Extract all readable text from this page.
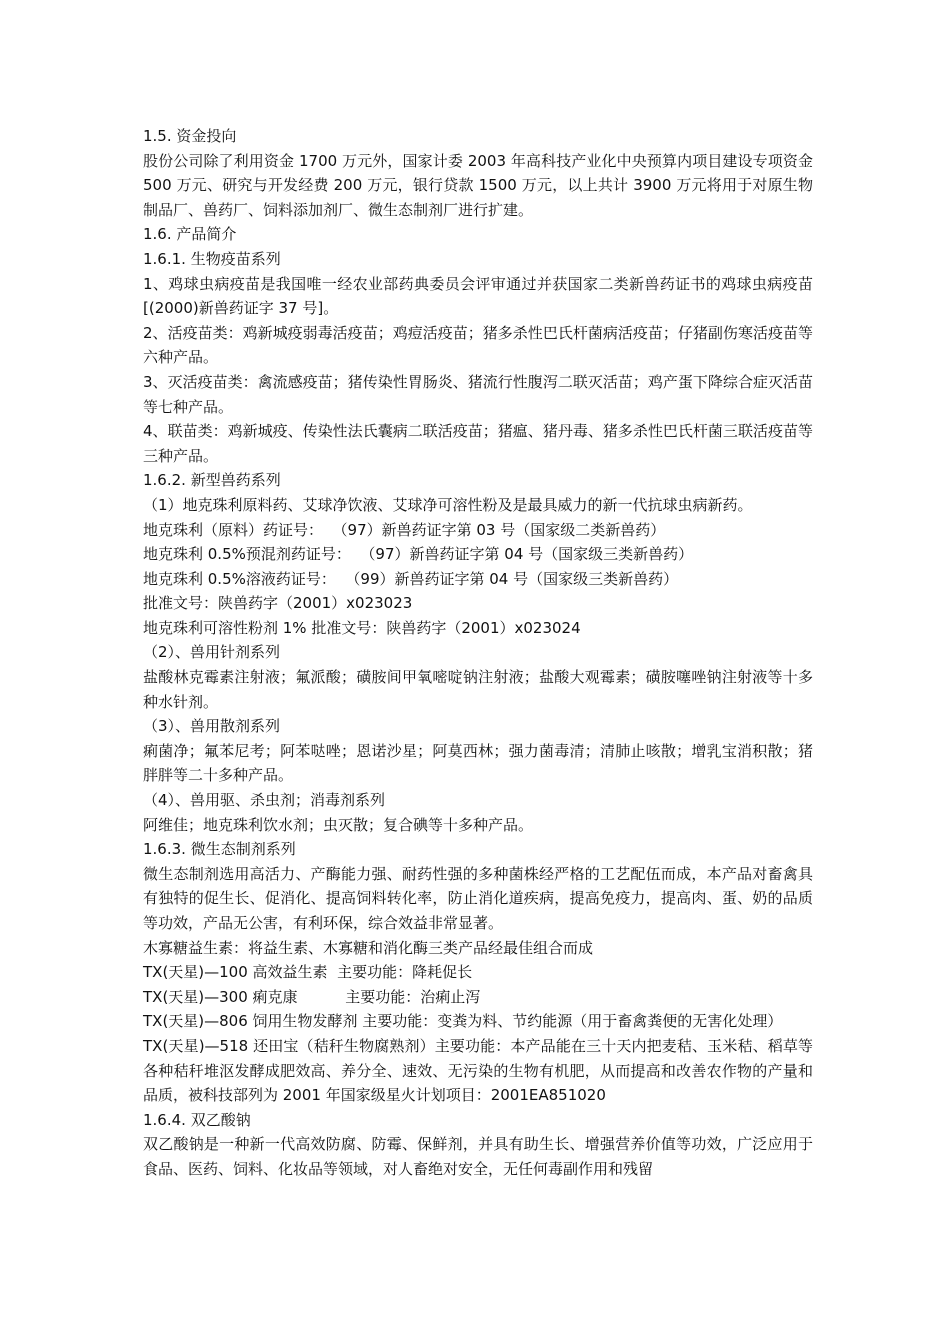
1.5. 资金投向

股份公司除了利用资金 1700 万元外，国家计委 2003 年高科技产业化中央预算内项目建设专项资金 500 万元、研究与开发经费 200 万元，银行贷款 1500 万元，以上共计 3900 万元将用于对原生物制品厂、兽药厂、饲料添加剂厂、微生态制剂厂进行扩建。

1.6. 产品简介

1.6.1. 生物疫苗系列

1、鸡球虫病疫苗是我国唯一经农业部药典委员会评审通过并获国家二类新兽药证书的鸡球虫病疫苗[(2000)新兽药证字 37 号]。

2、活疫苗类：鸡新城疫弱毒活疫苗；鸡痘活疫苗；猪多杀性巴氏杆菌病活疫苗；仔猪副伤寒活疫苗等六种产品。

3、灭活疫苗类：禽流感疫苗；猪传染性胃肠炎、猪流行性腹泻二联灭活苗；鸡产蛋下降综合症灭活苗等七种产品。

4、联苗类：鸡新城疫、传染性法氏囊病二联活疫苗；猪瘟、猪丹毒、猪多杀性巴氏杆菌三联活疫苗等三种产品。

1.6.2. 新型兽药系列

（1）地克珠利原料药、艾球净饮液、艾球净可溶性粉及是最具威力的新一代抗球虫病新药。

地克珠利（原料）药证号：  （97）新兽药证字第 03 号（国家级二类新兽药）

地克珠利 0.5%预混剂药证号：  （97）新兽药证字第 04 号（国家级三类新兽药）

地克珠利 0.5%溶液药证号：  （99）新兽药证字第 04 号（国家级三类新兽药）

批准文号：陕兽药字（2001）x023023

地克珠利可溶性粉剂 1% 批准文号：陕兽药字（2001）x023024

（2）、兽用针剂系列

盐酸林克霉素注射液；氟派酸；磺胺间甲氧嘧啶钠注射液；盐酸大观霉素；磺胺噻唑钠注射液等十多种水针剂。

（3）、兽用散剂系列

痢菌净；氟苯尼考；阿苯哒唑；恩诺沙星；阿莫西林；强力菌毒清；清肺止咳散；增乳宝消积散；猪胖胖等二十多种产品。

（4）、兽用驱、杀虫剂；消毒剂系列

阿维佳；地克珠利饮水剂；虫灭散；复合碘等十多种产品。

1.6.3. 微生态制剂系列

微生态制剂选用高活力、产酶能力强、耐药性强的多种菌株经严格的工艺配伍而成，本产品对畜禽具有独特的促生长、促消化、提高饲料转化率，防止消化道疾病，提高免疫力，提高肉、蛋、奶的品质等功效，产品无公害，有利环保，综合效益非常显著。

木寡糖益生素：将益生素、木寡糖和消化酶三类产品经最佳组合而成

TX(天星)—100 高效益生素  主要功能：降耗促长

TX(天星)—300 痢克康          主要功能：治痢止泻

TX(天星)—806 饲用生物发酵剂 主要功能：变粪为料、节约能源（用于畜禽粪便的无害化处理）

TX(天星)—518 还田宝（秸秆生物腐熟剂）主要功能：本产品能在三十天内把麦秸、玉米秸、稻草等各种秸秆堆沤发酵成肥效高、养分全、速效、无污染的生物有机肥，从而提高和改善农作物的产量和品质，被科技部列为 2001 年国家级星火计划项目：2001EA851020

1.6.4. 双乙酸钠

双乙酸钠是一种新一代高效防腐、防霉、保鲜剂，并具有助生长、增强营养价值等功效，广泛应用于食品、医药、饲料、化妆品等领域，对人畜绝对安全，无任何毒副作用和残留
